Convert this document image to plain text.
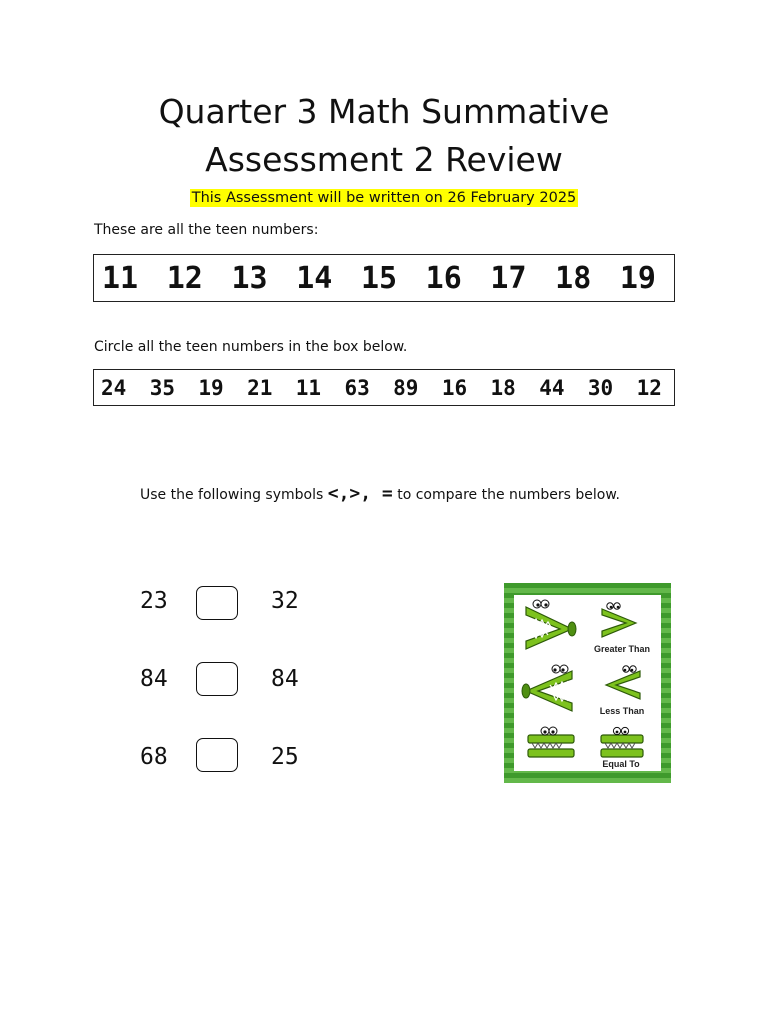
Quarter 3 Math Summative
Assessment 2 Review
This Assessment will be written on 26 February 2025
These are all the teen numbers:
11 12 13 14 15 16 17 18 19
Circle all the teen numbers in the box below.
24 35 19 21 11 63 89 16 18 44 30 12
Use the following symbols <,>, = to compare the numbers below.
23	32
84	84
68	25
Greater Than
Less Than
Equal To
